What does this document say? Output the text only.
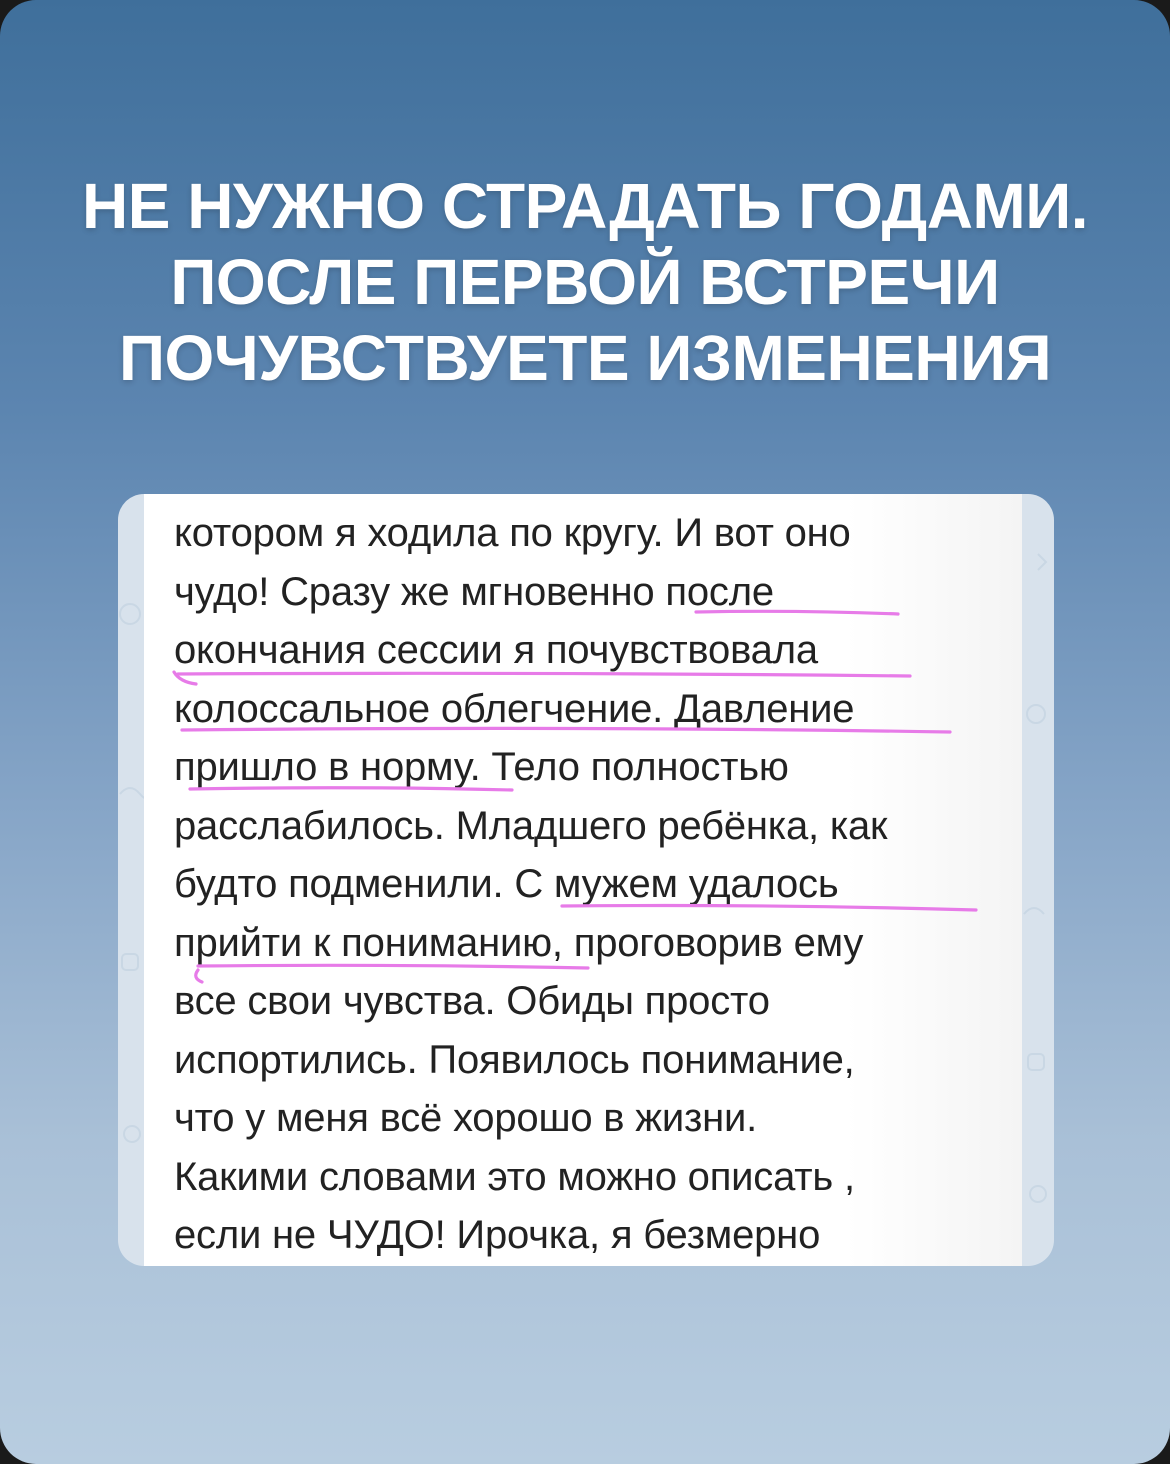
НЕ НУЖНО СТРАДАТЬ ГОДАМИ.
ПОСЛЕ ПЕРВОЙ ВСТРЕЧИ
ПОЧУВСТВУЕТЕ ИЗМЕНЕНИЯ
котором я ходила по кругу. И вот оно
чудо! Сразу же мгновенно после
окончания сессии я почувствовала
колоссальное облегчение. Давление
пришло в норму. Тело полностью
расслабилось. Младшего ребёнка, как
будто подменили. С мужем удалось
прийти к пониманию, проговорив ему
все свои чувства. Обиды просто
испортились. Появилось понимание,
что у меня всё хорошо в жизни.
Какими словами это можно описать ,
если не ЧУДО! Ирочка, я безмерно
